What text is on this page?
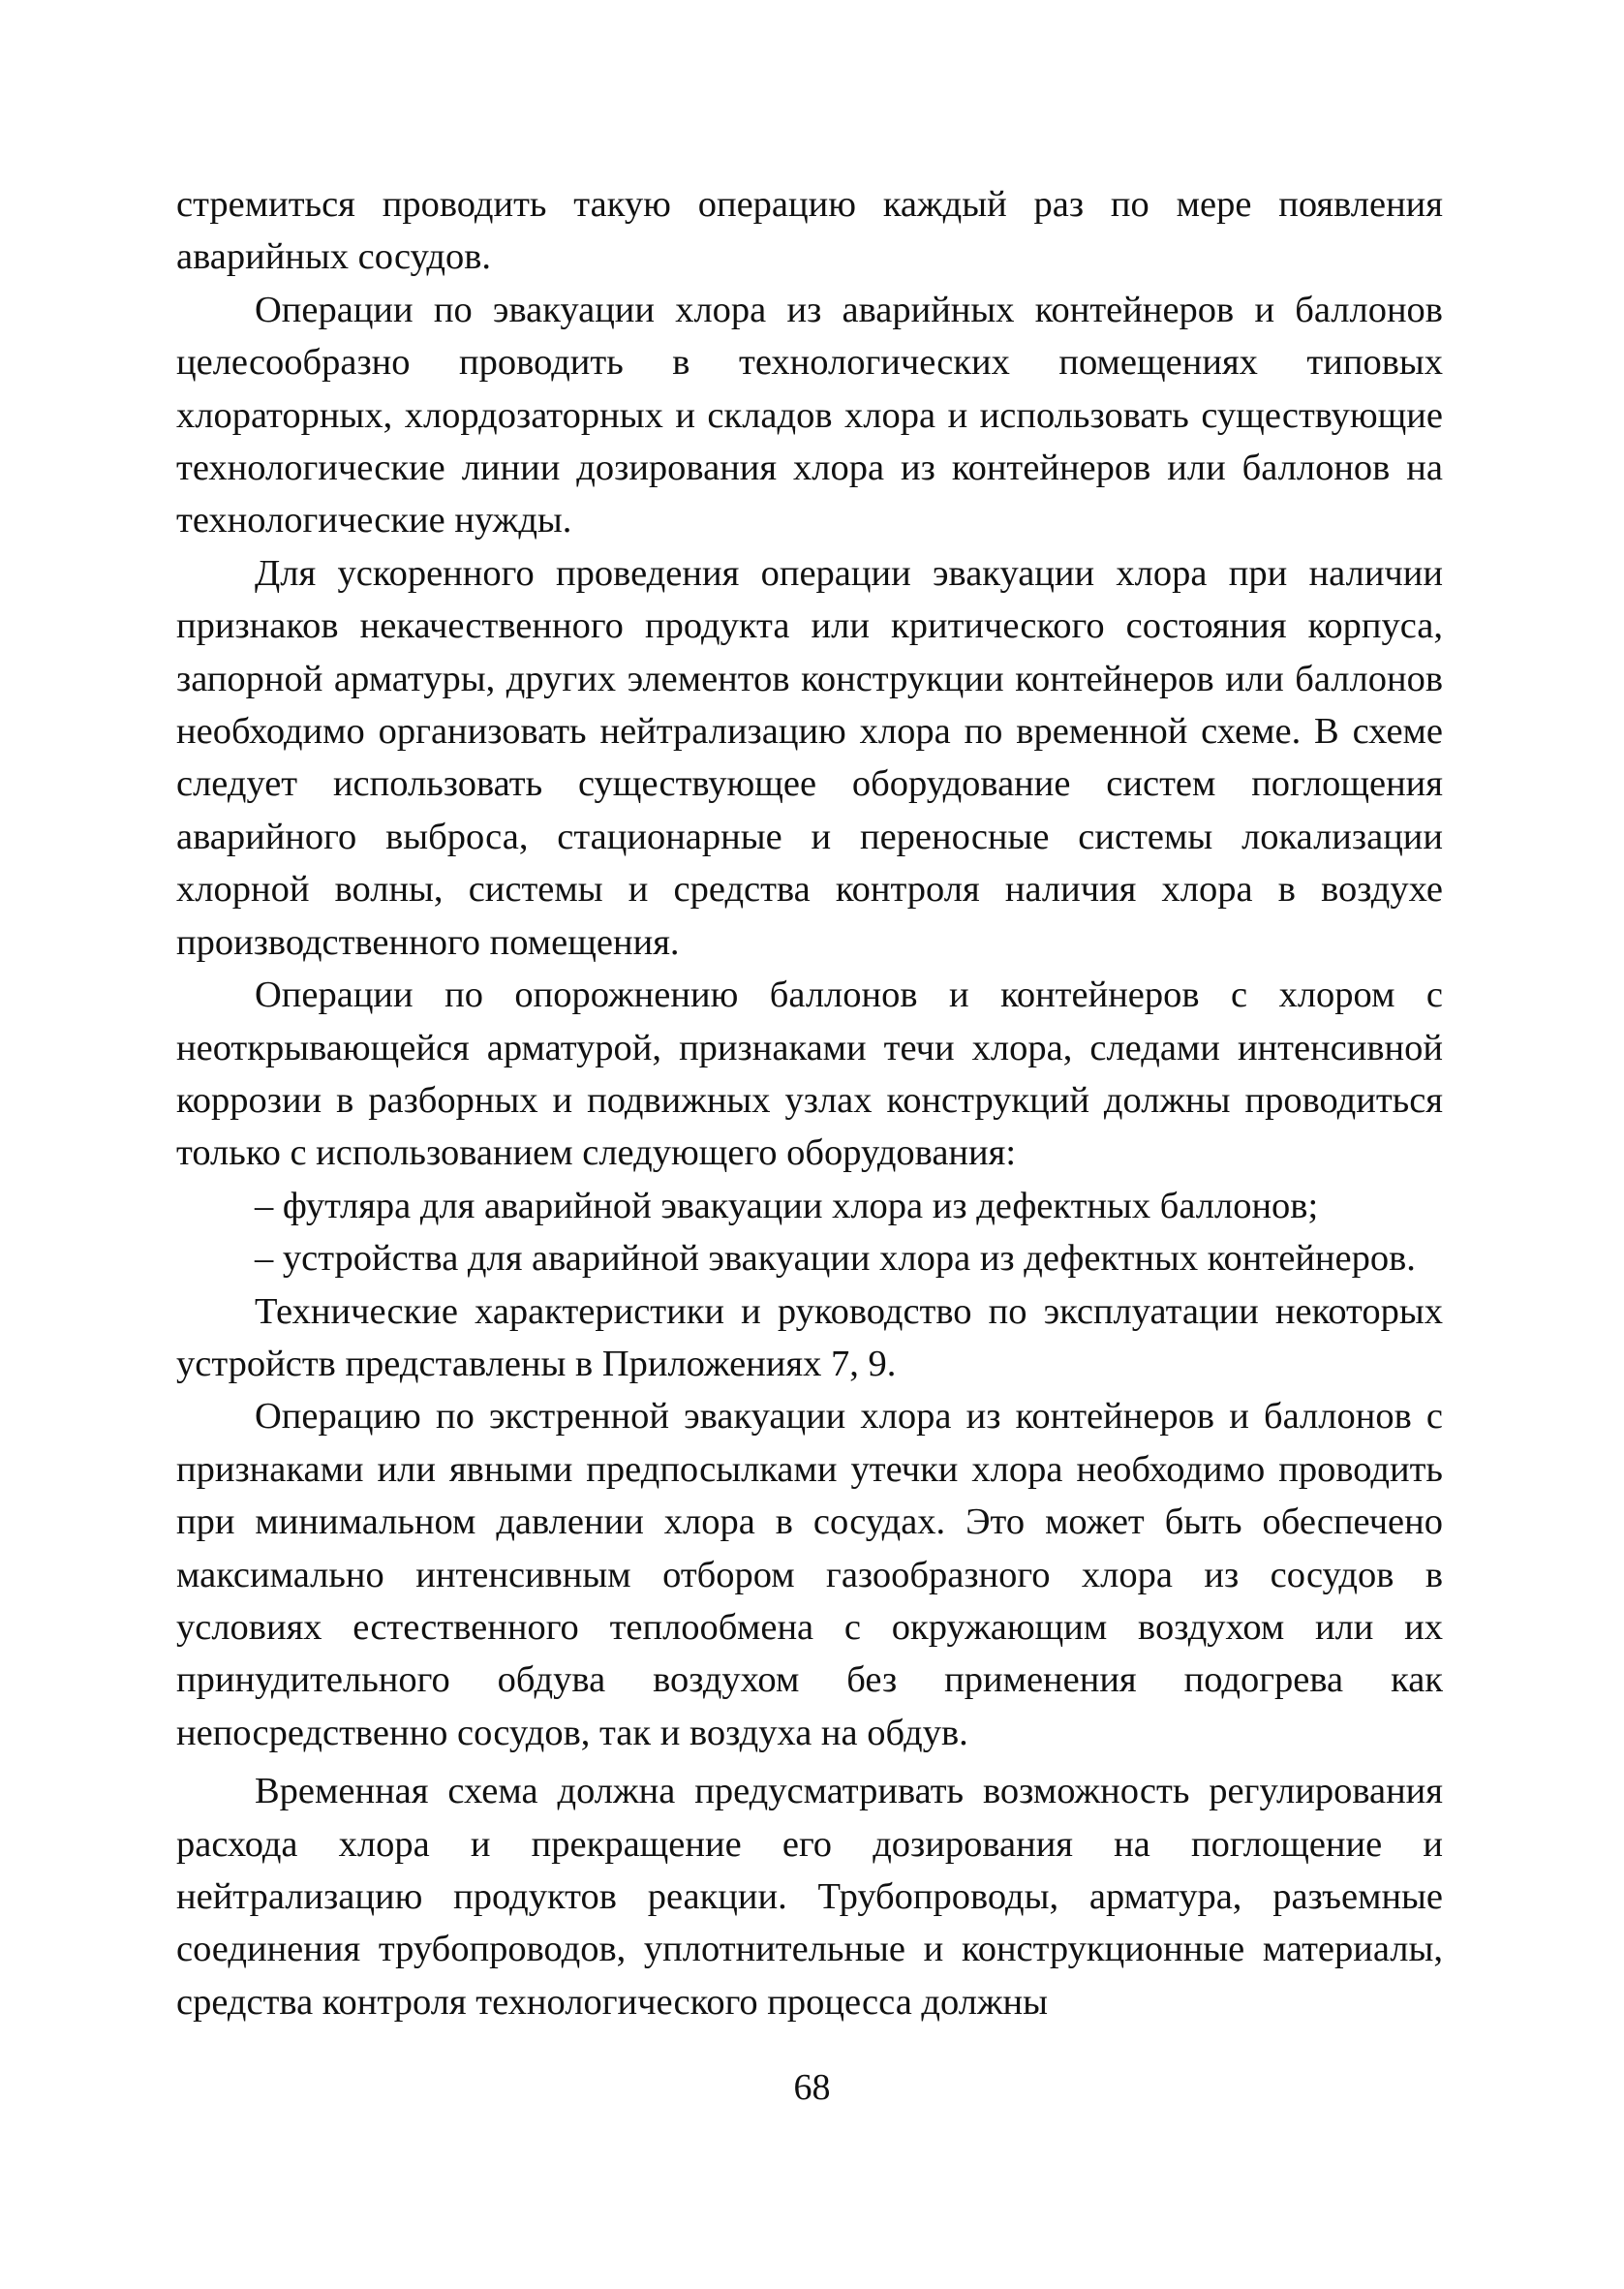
стремиться проводить такую операцию каждый раз по мере появления аварийных сосудов.

Операции по эвакуации хлора из аварийных контейнеров и баллонов целесообразно проводить в технологических помещениях типовых хлораторных, хлордозаторных и складов хлора и использовать существующие технологические линии дозирования хлора из контейнеров или баллонов на технологические нужды.

Для ускоренного проведения операции эвакуации хлора при наличии признаков некачественного продукта или критического состояния корпуса, запорной арматуры, других элементов конструкции контейнеров или баллонов необходимо организовать нейтрализацию хлора по временной схеме. В схеме следует использовать существующее оборудование систем поглощения аварийного выброса, стационарные и переносные системы локализации хлорной волны, системы и средства контроля наличия хлора в воздухе производственного помещения.

Операции по опорожнению баллонов и контейнеров с хлором с неоткрывающейся арматурой, признаками течи хлора, следами интенсивной коррозии в разборных и подвижных узлах конструкций должны проводиться только с использованием следующего оборудования:

– футляра для аварийной эвакуации хлора из дефектных баллонов;

– устройства для аварийной эвакуации хлора из дефектных контейнеров.

Технические характеристики и руководство по эксплуатации некоторых устройств представлены в Приложениях 7, 9.

Операцию по экстренной эвакуации хлора из контейнеров и баллонов с признаками или явными предпосылками утечки хлора необходимо проводить при минимальном давлении хлора в сосудах. Это может быть обеспечено максимально интенсивным отбором газообразного хлора из сосудов в условиях естественного теплообмена с окружающим воздухом или их принудительного обдува воздухом без применения подогрева как непосредственно сосудов, так и воздуха на обдув.

Временная схема должна предусматривать возможность регулирования расхода хлора и прекращение его дозирования на поглощение и нейтрализацию продуктов реакции. Трубопроводы, арматура, разъемные соединения трубопроводов, уплотнительные и конструкционные материалы, средства контроля технологического процесса должны

68
